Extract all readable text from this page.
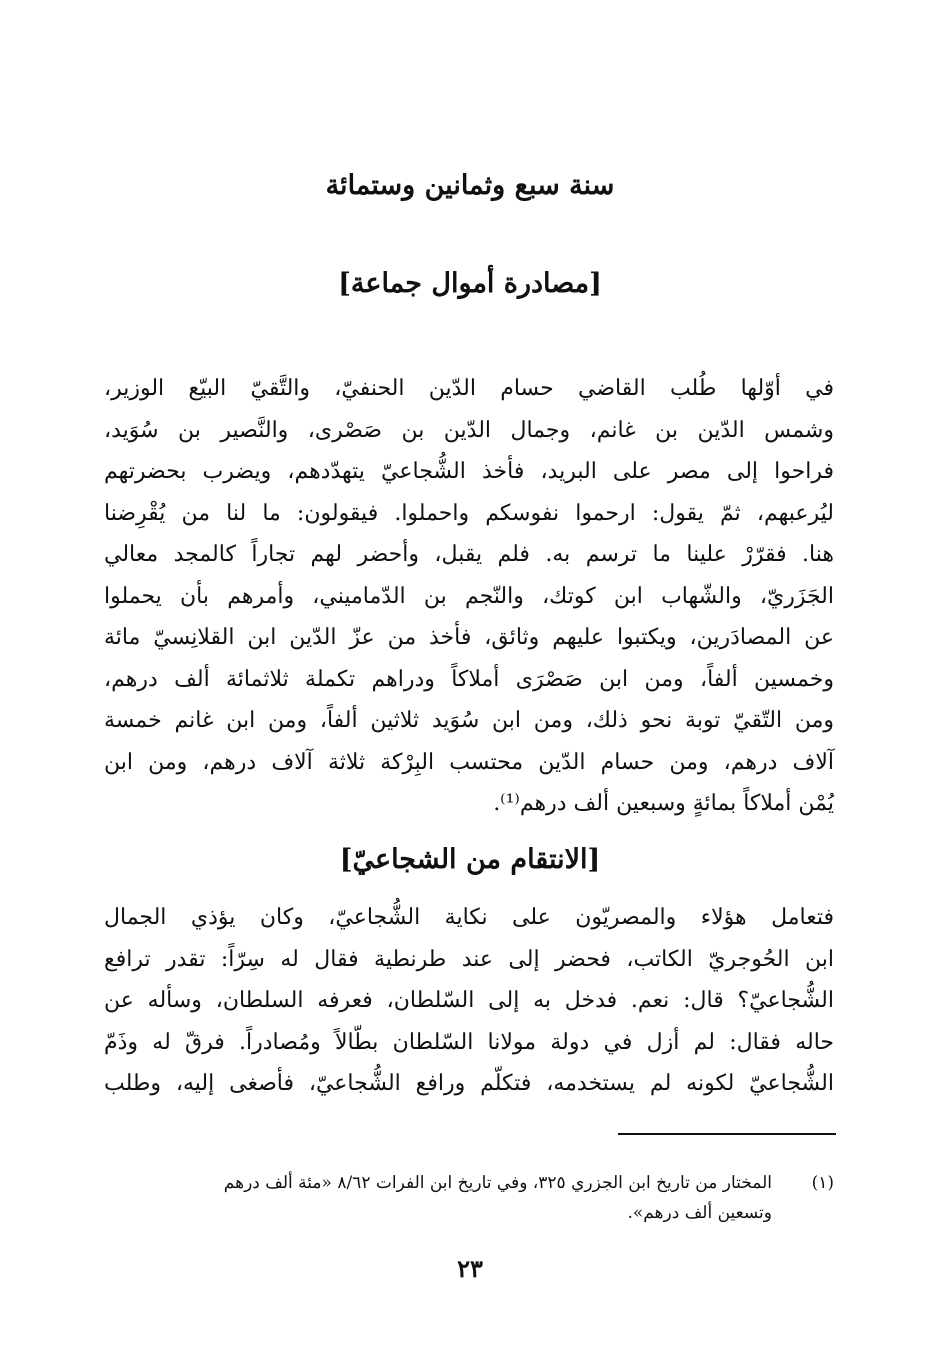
سنة سبع وثمانين وستمائة
[مصادرة أموال جماعة]
في أوّلها طُلب القاضي حسام الدّين الحنفيّ، والتَّقيّ البيّع الوزير،
وشمس الدّين بن غانم، وجمال الدّين بن صَصْرى، والنَّصير بن سُوَيد،
فراحوا إلى مصر على البريد، فأخذ الشُّجاعيّ يتهدّدهم، ويضرب بحضرتهم
ليُرعبهم، ثمّ يقول: ارحموا نفوسكم واحملوا. فيقولون: ما لنا من يُقْرِضنا
هنا. فقرّرْ علينا ما ترسم به. فلم يقبل، وأحضر لهم تجاراً كالمجد معالي
الجَزَريّ، والشّهاب ابن كوتك، والنّجم بن الدّماميني، وأمرهم بأن يحملوا
عن المصادَرين، ويكتبوا عليهم وثائق، فأخذ من عزّ الدّين ابن القلانِسيّ مائة
وخمسين ألفاً، ومن ابن صَصْرَى أملاكاً ودراهم تكملة ثلاثمائة ألف درهم،
ومن التّقيّ توبة نحو ذلك، ومن ابن سُوَيد ثلاثين ألفاً، ومن ابن غانم خمسة
آلاف درهم، ومن حسام الدّين محتسب البِرْكة ثلاثة آلاف درهم، ومن ابن
يُمْن أملاكاً بمائةٍ وسبعين ألف درهم⁽¹⁾.
[الانتقام من الشجاعيّ]
فتعامل هؤلاء والمصريّون على نكاية الشُّجاعيّ، وكان يؤذي الجمال
ابن الحُوجريّ الكاتب، فحضر إلى عند طرنطية فقال له سِرّاً: تقدر ترافع
الشُّجاعيّ؟ قال: نعم. فدخل به إلى السّلطان، فعرفه السلطان، وسأله عن
حاله فقال: لم أزل في دولة مولانا السّلطان بطّالاً ومُصادراً. فرقّ له وذَمّ
الشُّجاعيّ لكونه لم يستخدمه، فتكلّم ورافع الشُّجاعيّ، فأصغى إليه، وطلب
(١)
المختار من تاريخ ابن الجزري ٣٢٥، وفي تاريخ ابن الفرات ٨/٦٢ «مئة ألف درهم
وتسعين ألف درهم».
٢٣
